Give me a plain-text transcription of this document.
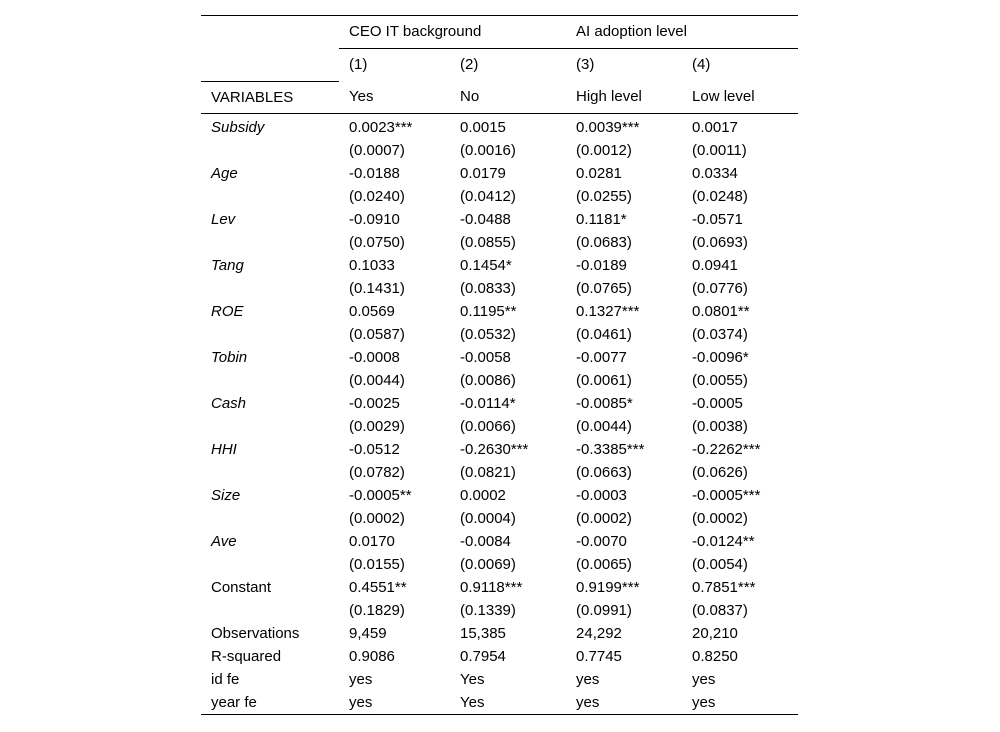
	CEO IT background		AI adoption level	
	(1)	(2)	(3)	(4)
VARIABLES	Yes	No	High level	Low level
Subsidy	0.0023***	0.0015	0.0039***	0.0017
	(0.0007)	(0.0016)	(0.0012)	(0.0011)
Age	-0.0188	0.0179	0.0281	0.0334
	(0.0240)	(0.0412)	(0.0255)	(0.0248)
Lev	-0.0910	-0.0488	0.1181*	-0.0571
	(0.0750)	(0.0855)	(0.0683)	(0.0693)
Tang	0.1033	0.1454*	-0.0189	0.0941
	(0.1431)	(0.0833)	(0.0765)	(0.0776)
ROE	0.0569	0.1195**	0.1327***	0.0801**
	(0.0587)	(0.0532)	(0.0461)	(0.0374)
Tobin	-0.0008	-0.0058	-0.0077	-0.0096*
	(0.0044)	(0.0086)	(0.0061)	(0.0055)
Cash	-0.0025	-0.0114*	-0.0085*	-0.0005
	(0.0029)	(0.0066)	(0.0044)	(0.0038)
HHI	-0.0512	-0.2630***	-0.3385***	-0.2262***
	(0.0782)	(0.0821)	(0.0663)	(0.0626)
Size	-0.0005**	0.0002	-0.0003	-0.0005***
	(0.0002)	(0.0004)	(0.0002)	(0.0002)
Ave	0.0170	-0.0084	-0.0070	-0.0124**
	(0.0155)	(0.0069)	(0.0065)	(0.0054)
Constant	0.4551**	0.9118***	0.9199***	0.7851***
	(0.1829)	(0.1339)	(0.0991)	(0.0837)
Observations	9,459	15,385	24,292	20,210
R-squared	0.9086	0.7954	0.7745	0.8250
id fe	yes	Yes	yes	yes
year fe	yes	Yes	yes	yes
